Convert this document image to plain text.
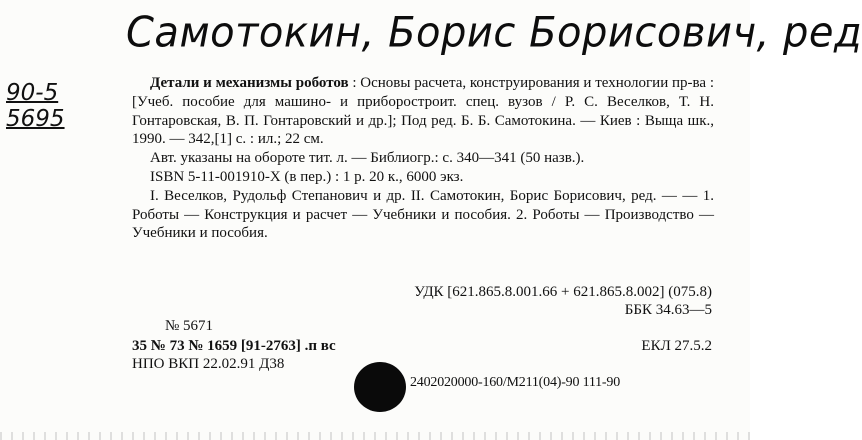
Самотокин, Борис Борисович, ред
90-5
5695

Детали и механизмы роботов : Основы расчета, конструирования и технологии пр-ва : [Учеб. пособие для машино- и приборостроит. спец. вузов / Р. С. Веселков, Т. Н. Гонтаровская, В. П. Гонтаровский и др.]; Под ред. Б. Б. Самотокина. — Киев : Выща шк., 1990. — 342,[1] с. : ил.; 22 см.

Авт. указаны на обороте тит. л. — Библиогр.: с. 340—341 (50 назв.).

ISBN 5-11-001910-X (в пер.) : 1 р. 20 к., 6000 экз.

I. Веселков, Рудольф Степанович и др. II. Самотокин, Борис Борисович, ред. — — 1. Роботы — Конструкция и расчет — Учебники и пособия. 2. Роботы — Производство — Учебники и пособия.

УДК [621.865.8.001.66 + 621.865.8.002] (075.8)
ББК 34.63—5
№ 5671
35 № 73 № 1659 [91-2763] .п вс	ЕКЛ 27.5.2
НПО ВКП 22.02.91 Д38
2402020000-160/М211(04)-90 111-90
